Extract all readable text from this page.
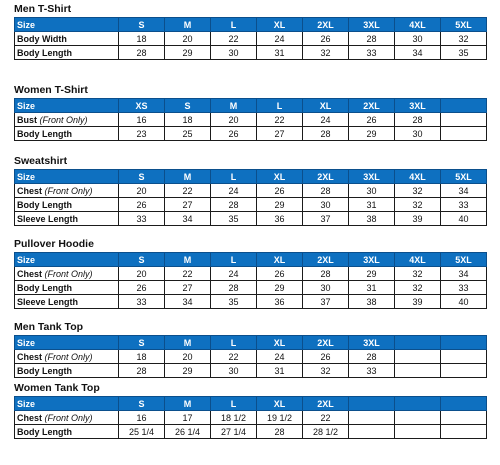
Men T-Shirt
Size	S	M	L	XL	2XL	3XL	4XL	5XL
Body Width	18	20	22	24	26	28	30	32
Body Length	28	29	30	31	32	33	34	35
Women T-Shirt
Size	XS	S	M	L	XL	2XL	3XL	
Bust (Front Only)	16	18	20	22	24	26	28	
Body Length	23	25	26	27	28	29	30	
Sweatshirt
Size	S	M	L	XL	2XL	3XL	4XL	5XL
Chest (Front Only)	20	22	24	26	28	30	32	34
Body Length	26	27	28	29	30	31	32	33
Sleeve Length	33	34	35	36	37	38	39	40
Pullover Hoodie
Size	S	M	L	XL	2XL	3XL	4XL	5XL
Chest (Front Only)	20	22	24	26	28	29	32	34
Body Length	26	27	28	29	30	31	32	33
Sleeve Length	33	34	35	36	37	38	39	40
Men Tank Top
Size	S	M	L	XL	2XL	3XL		
Chest (Front Only)	18	20	22	24	26	28		
Body Length	28	29	30	31	32	33		
Women Tank Top
Size	S	M	L	XL	2XL			
Chest (Front Only)	16	17	18 1/2	19 1/2	22			
Body Length	25 1/4	26 1/4	27 1/4	28	28 1/2			
